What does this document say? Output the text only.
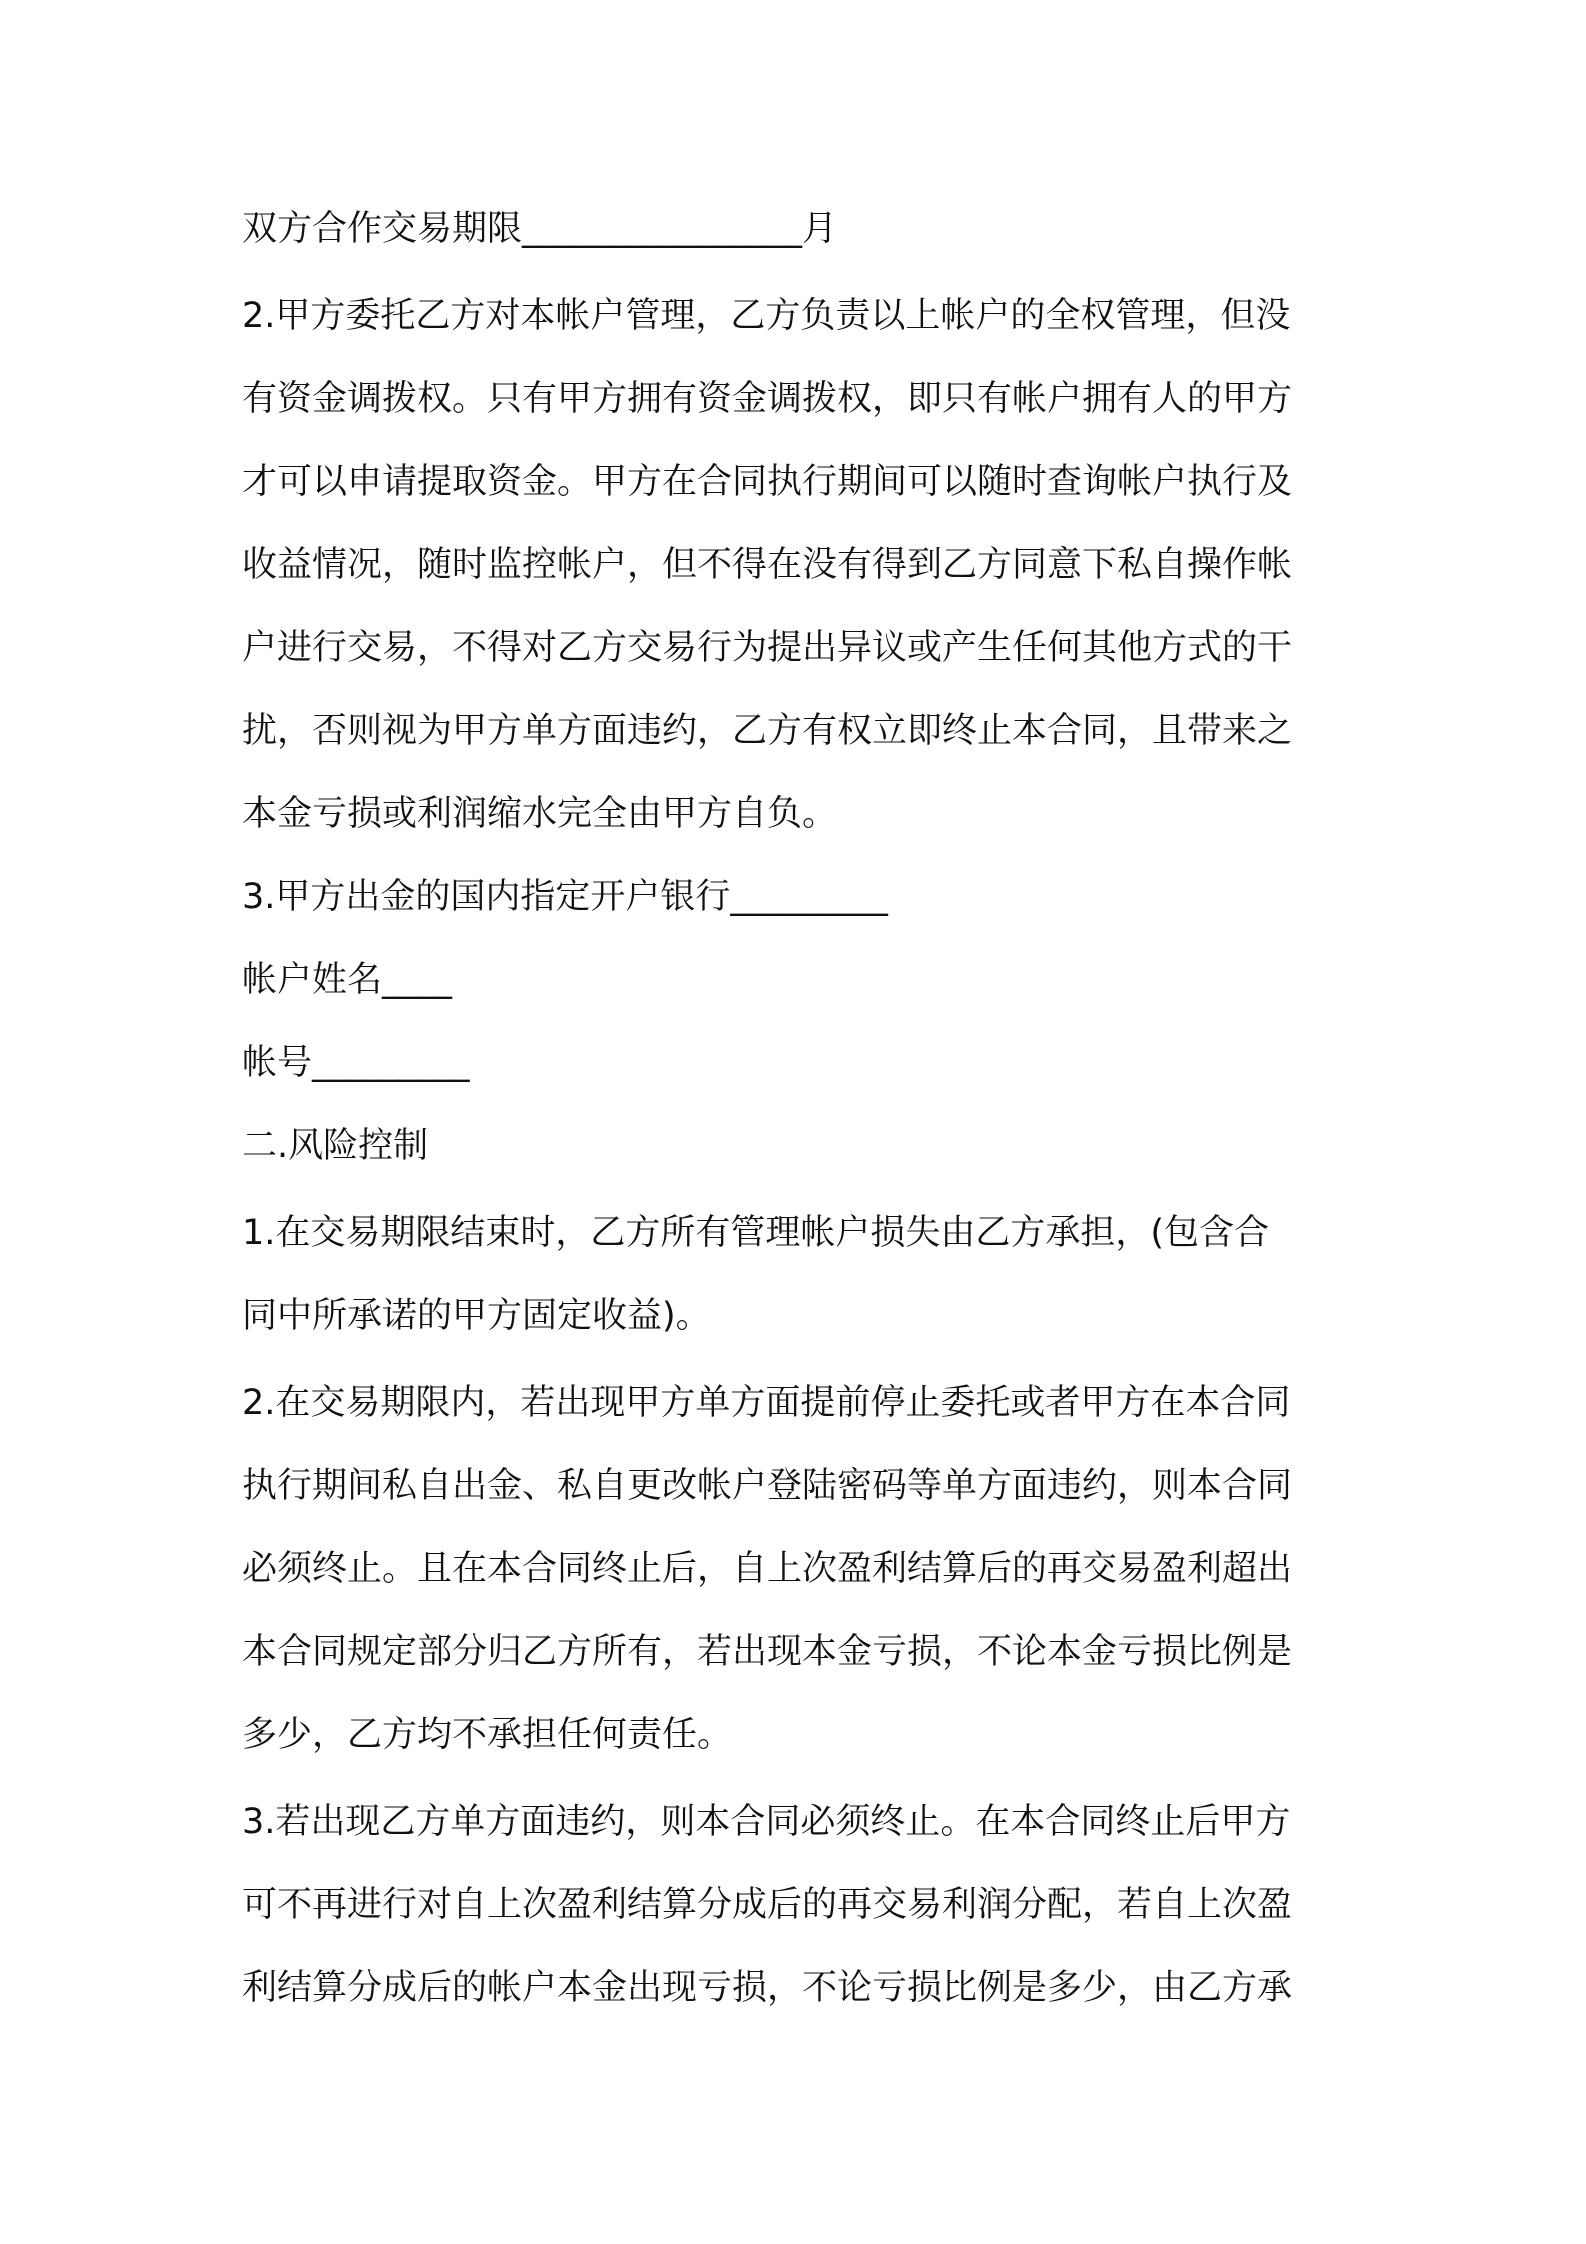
双方合作交易期限________________月
2.甲方委托乙方对本帐户管理，乙方负责以上帐户的全权管理，但没
有资金调拨权。只有甲方拥有资金调拨权，即只有帐户拥有人的甲方
才可以申请提取资金。甲方在合同执行期间可以随时查询帐户执行及
收益情况，随时监控帐户，但不得在没有得到乙方同意下私自操作帐
户进行交易，不得对乙方交易行为提出异议或产生任何其他方式的干
扰，否则视为甲方单方面违约，乙方有权立即终止本合同，且带来之
本金亏损或利润缩水完全由甲方自负。
3.甲方出金的国内指定开户银行_________
帐户姓名____
帐号_________
二.风险控制
1.在交易期限结束时，乙方所有管理帐户损失由乙方承担，(包含合
同中所承诺的甲方固定收益)。
2.在交易期限内，若出现甲方单方面提前停止委托或者甲方在本合同
执行期间私自出金、私自更改帐户登陆密码等单方面违约，则本合同
必须终止。且在本合同终止后，自上次盈利结算后的再交易盈利超出
本合同规定部分归乙方所有，若出现本金亏损，不论本金亏损比例是
多少，乙方均不承担任何责任。
3.若出现乙方单方面违约，则本合同必须终止。在本合同终止后甲方
可不再进行对自上次盈利结算分成后的再交易利润分配，若自上次盈
利结算分成后的帐户本金出现亏损，不论亏损比例是多少，由乙方承
